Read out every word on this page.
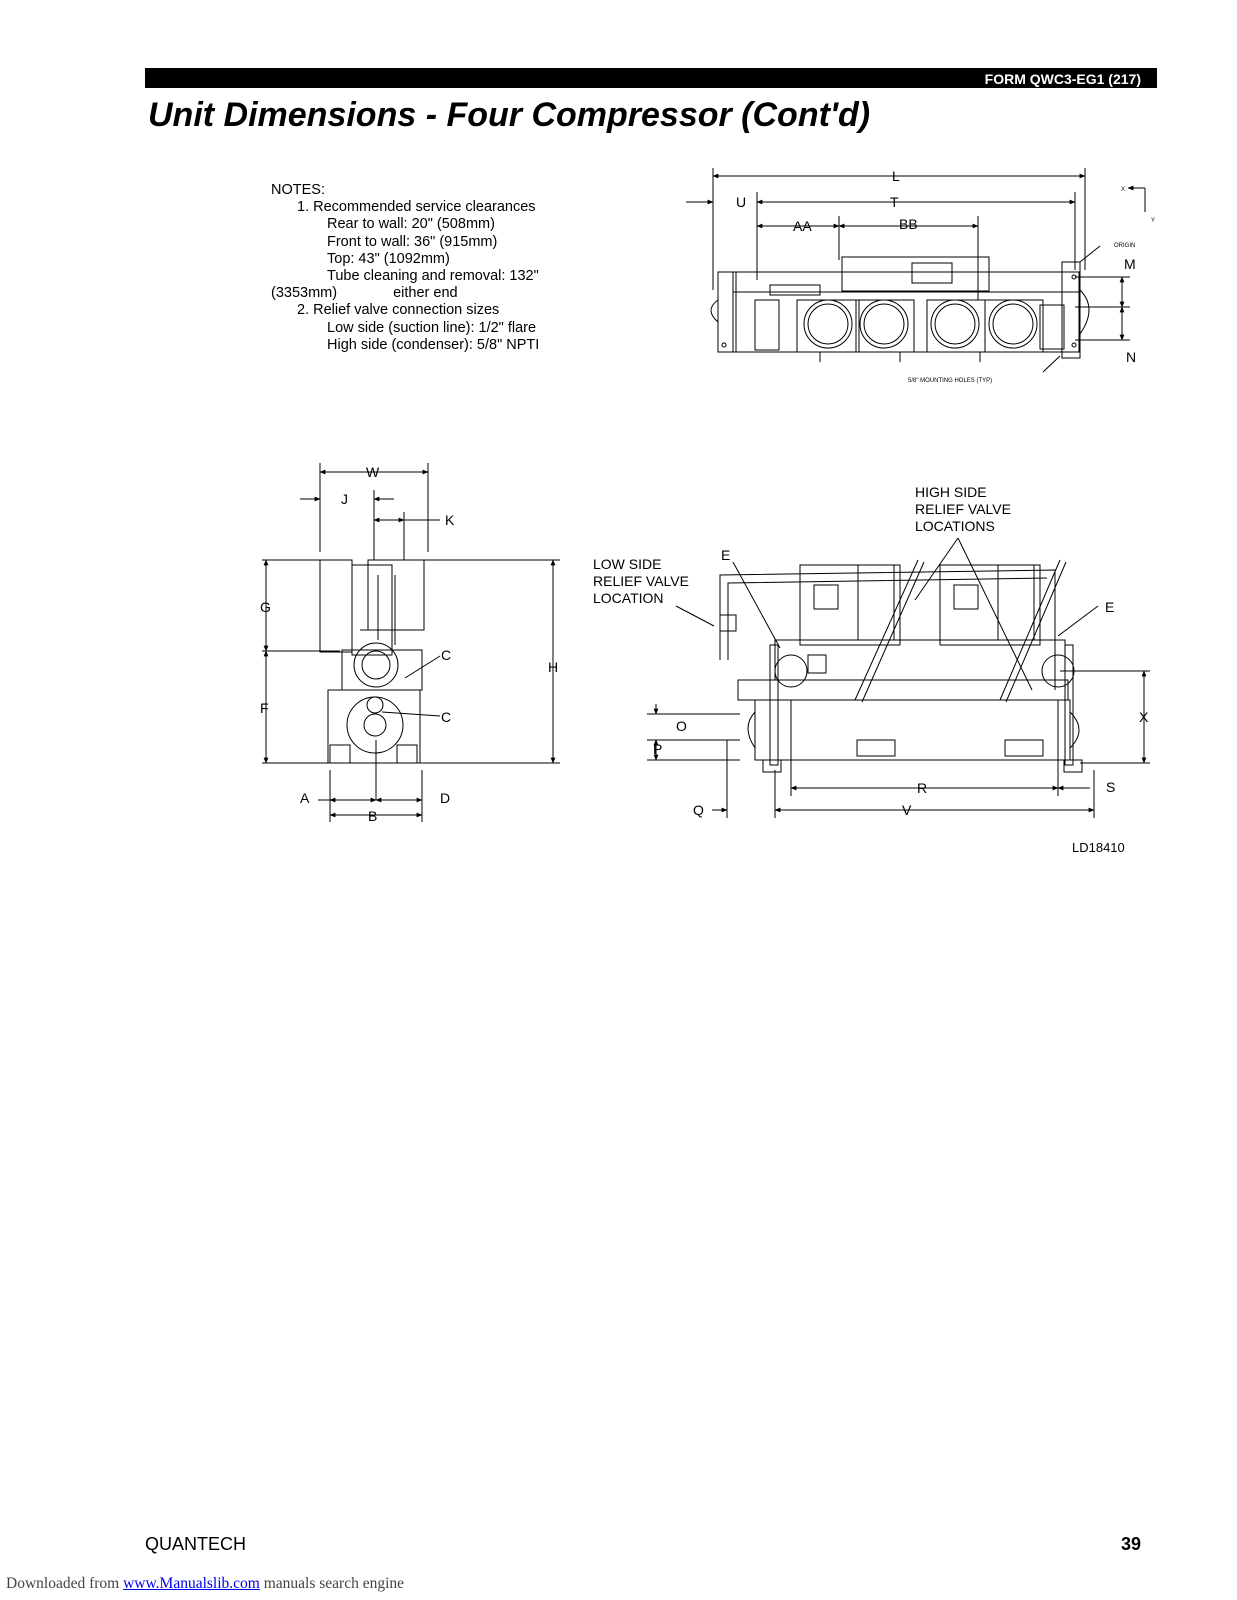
FORM QWC3-EG1 (217)
Unit Dimensions - Four Compressor (Cont'd)
NOTES:
1. Recommended service clearances
Rear to wall: 20" (508mm)
Front to wall: 36" (915mm)
Top: 43" (1092mm)
Tube cleaning and removal: 132"
(3353mm)	either end
2. Relief valve connection sizes
Low side (suction line): 1/2" flare
High side (condenser): 5/8" NPTI
L
U	T
AA	BB
M
N
ORIGIN
X
Y
5/8" MOUNTING HOLES (TYP)
W
J
K
G
H
F
C
C
A
B
D
HIGH SIDE
RELIEF VALVE
LOCATIONS
LOW SIDE
RELIEF VALVE
LOCATION
E
E
O
P
X
R	S
Q	V
LD18410
QUANTECH	39
Downloaded from www.Manualslib.com manuals search engine
